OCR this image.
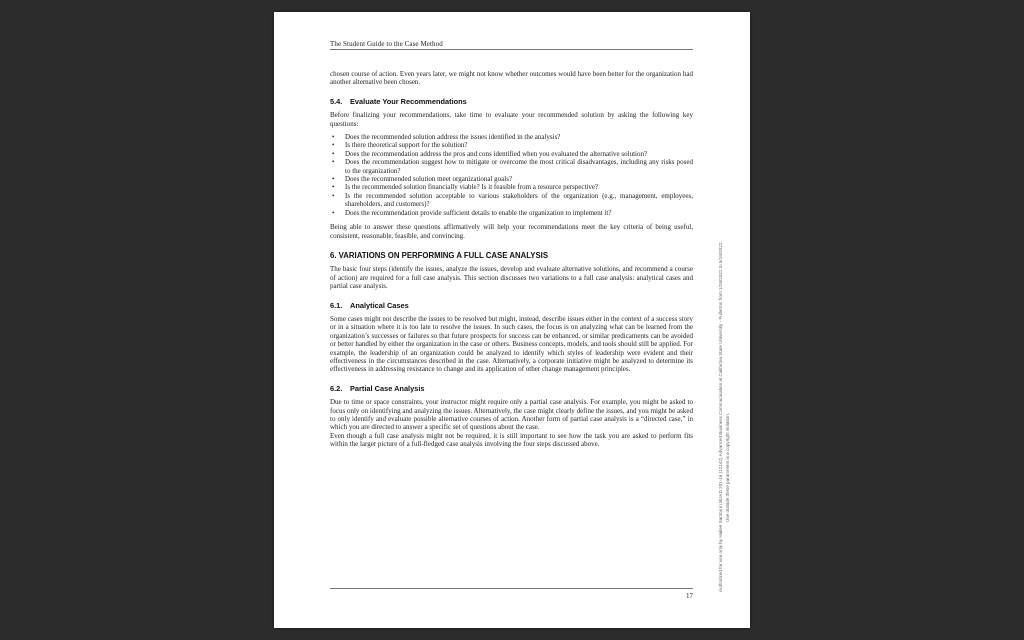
The Student Guide to the Case Method

chosen course of action. Even years later, we might not know whether outcomes would have been better for the organization had another alternative been chosen.

5.4. Evaluate Your Recommendations

Before finalizing your recommendations, take time to evaluate your recommended solution by asking the following key questions:

• Does the recommended solution address the issues identified in the analysis?
• Is there theoretical support for the solution?
• Does the recommendation address the pros and cons identified when you evaluated the alternative solution?
• Does the recommendation suggest how to mitigate or overcome the most critical disadvantages, including any risks posed to the organization?
• Does the recommended solution meet organizational goals?
• Is the recommended solution financially viable? Is it feasible from a resource perspective?
• Is the recommended solution acceptable to various stakeholders of the organization (e.g., management, employees, shareholders, and customers)?
• Does the recommendation provide sufficient details to enable the organization to implement it?

Being able to answer these questions affirmatively will help your recommendations meet the key criteria of being useful, consistent, reasonable, feasible, and convincing.

6. VARIATIONS ON PERFORMING A FULL CASE ANALYSIS

The basic four steps (identify the issues, analyze the issues, develop and evaluate alternative solutions, and recommend a course of action) are required for a full case analysis. This section discusses two variations to a full case analysis: analytical cases and partial case analysis.

6.1. Analytical Cases

Some cases might not describe the issues to be resolved but might, instead, describe issues either in the context of a success story or in a situation where it is too late to resolve the issues. In such cases, the focus is on analyzing what can be learned from the organization’s successes or failures so that future prospects for success can be enhanced, or similar predicaments can be avoided or better handled by either the organization in the case or others. Business concepts, models, and tools should still be applied. For example, the leadership of an organization could be analyzed to identify which styles of leadership were evident and their effectiveness in the circumstances described in the case. Alternatively, a corporate initiative might be analyzed to determine its effectiveness in addressing resistance to change and its application of other change management principles.

6.2. Partial Case Analysis

Due to time or space constraints, your instructor might require only a partial case analysis. For example, you might be asked to focus only on identifying and analyzing the issues. Alternatively, the case might clearly define the issues, and you might be asked to only identify and evaluate possible alternative courses of action. Another form of partial case analysis is a “directed case,” in which you are directed to answer a specific set of questions about the case.

Even though a full case analysis might not be required, it is still important to see how the task you are asked to perform fits within the larger picture of a full-fledged case analysis involving the four steps discussed above.

17
Authorized for use only by Hailee Santos in BUAD 201-16 (12142) Advanced Business Communication at California State University - Fullerton from 1/26/2022 to 5/19/2022. Use outside these parameters is a copyright violation.
